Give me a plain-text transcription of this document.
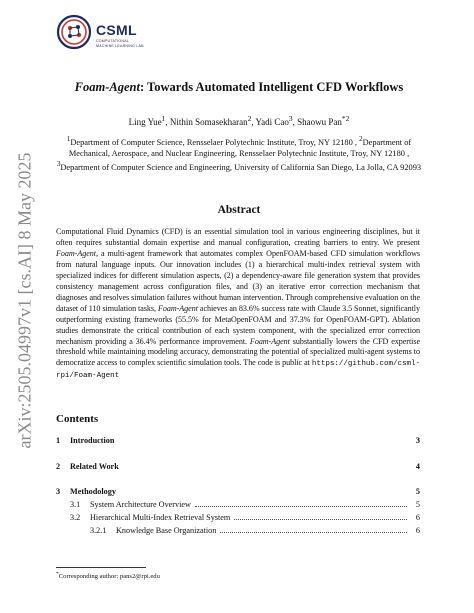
CSML
COMPUTATIONAL
MACHINE LEARNING LAB
arXiv:2505.04997v1 [cs.AI] 8 May 2025
Foam-Agent: Towards Automated Intelligent CFD Workflows
Ling Yue$^1$, Nithin Somasekharan$^2$, Yadi Cao$^3$, Shaowu Pan$^{*2}$
$^1$Department of Computer Science, Rensselaer Polytechnic Institute, Troy, NY 12180 , $^2$Department of Mechanical, Aerospace, and Nuclear Engineering, Rensselaer Polytechnic Institute, Troy, NY 12180 , $^3$Department of Computer Science and Engineering, University of California San Diego, La Jolla, CA 92093
Abstract
Computational Fluid Dynamics (CFD) is an essential simulation tool in various engineering disciplines, but it often requires substantial domain expertise and manual configuration, creating barriers to entry. We present Foam-Agent, a multi-agent framework that automates complex OpenFOAM-based CFD simulation workflows from natural language inputs. Our innovation includes (1) a hierarchical multi-index retrieval system with specialized indices for different simulation aspects, (2) a dependency-aware file generation system that provides consistency management across configuration files, and (3) an iterative error correction mechanism that diagnoses and resolves simulation failures without human intervention. Through comprehensive evaluation on the dataset of 110 simulation tasks, Foam-Agent achieves an 83.6% success rate with Claude 3.5 Sonnet, significantly outperforming existing frameworks (55.5% for MetaOpenFOAM and 37.3% for OpenFOAM-GPT). Ablation studies demonstrate the critical contribution of each system component, with the specialized error correction mechanism providing a 36.4% performance improvement. Foam-Agent substantially lowers the CFD expertise threshold while maintaining modeling accuracy, demonstrating the potential of specialized multi-agent systems to democratize access to complex scientific simulation tools. The code is public at https://github.com/csml-rpi/Foam-Agent
Contents
1	Introduction	3
2	Related Work	4
3	Methodology	5
3.1	System Architecture Overview	5
3.2	Hierarchical Multi-Index Retrieval System	6
3.2.1	Knowledge Base Organization	6
*Corresponding author: pans2@rpi.edu
